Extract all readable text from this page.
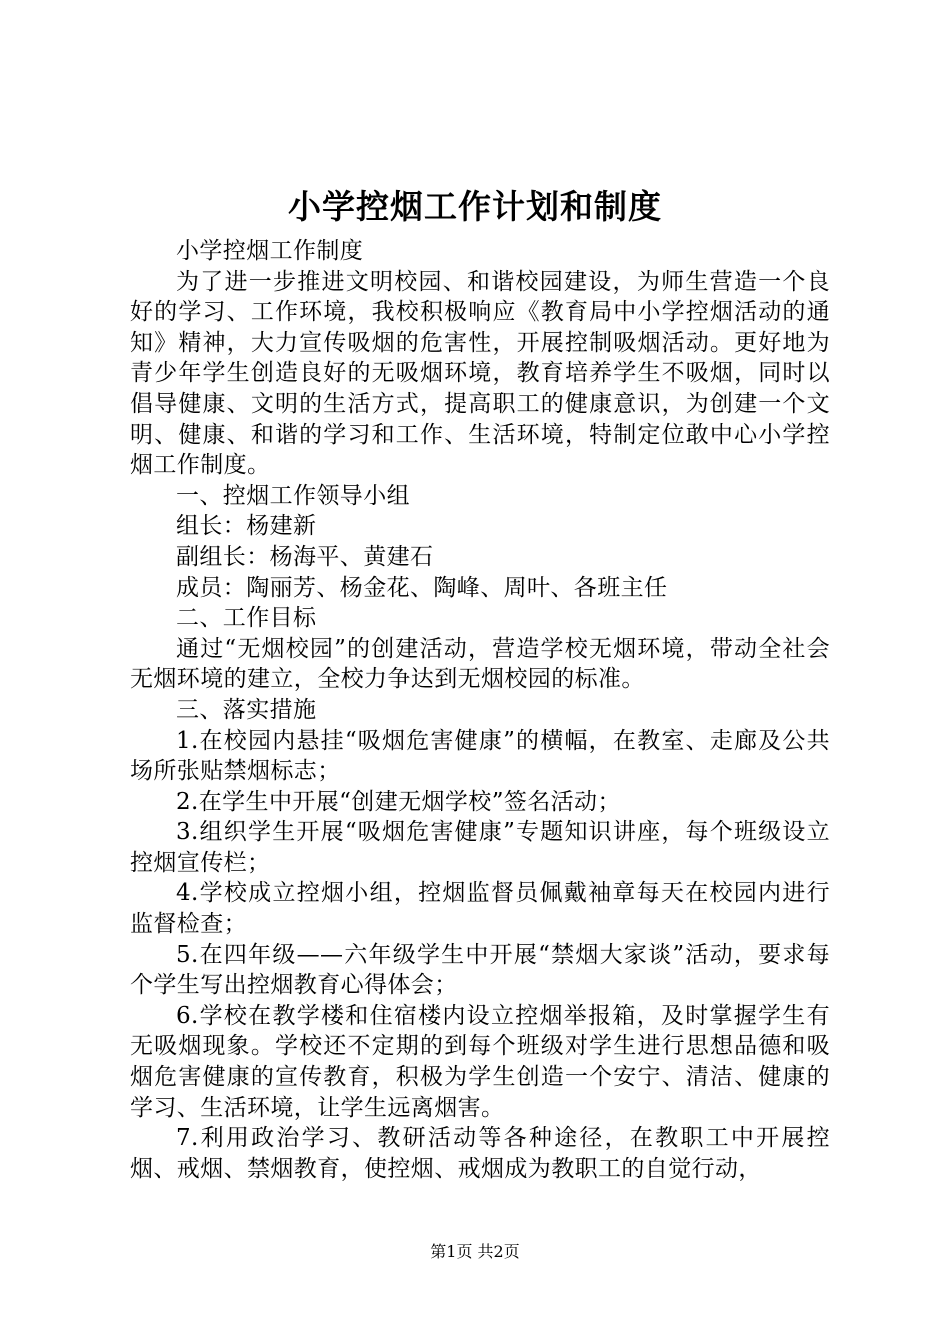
小学控烟工作计划和制度

小学控烟工作制度

为了进一步推进文明校园、和谐校园建设，为师生营造一个良好的学习、工作环境，我校积极响应《教育局中小学控烟活动的通知》精神，大力宣传吸烟的危害性，开展控制吸烟活动。更好地为青少年学生创造良好的无吸烟环境，教育培养学生不吸烟，同时以倡导健康、文明的生活方式，提高职工的健康意识，为创建一个文明、健康、和谐的学习和工作、生活环境，特制定位敢中心小学控烟工作制度。

一、控烟工作领导小组

组长：杨建新

副组长：杨海平、黄建石

成员：陶丽芳、杨金花、陶峰、周叶、各班主任

二、工作目标

通过“无烟校园”的创建活动，营造学校无烟环境，带动全社会无烟环境的建立，全校力争达到无烟校园的标准。

三、落实措施

1.在校园内悬挂“吸烟危害健康”的横幅，在教室、走廊及公共场所张贴禁烟标志；

2.在学生中开展“创建无烟学校”签名活动；

3.组织学生开展“吸烟危害健康”专题知识讲座，每个班级设立控烟宣传栏；

4.学校成立控烟小组，控烟监督员佩戴袖章每天在校园内进行监督检查；

5.在四年级——六年级学生中开展“禁烟大家谈”活动，要求每个学生写出控烟教育心得体会；

6.学校在教学楼和住宿楼内设立控烟举报箱，及时掌握学生有无吸烟现象。学校还不定期的到每个班级对学生进行思想品德和吸烟危害健康的宣传教育，积极为学生创造一个安宁、清洁、健康的学习、生活环境，让学生远离烟害。

7.利用政治学习、教研活动等各种途径，在教职工中开展控烟、戒烟、禁烟教育，使控烟、戒烟成为教职工的自觉行动，

第1页 共2页
